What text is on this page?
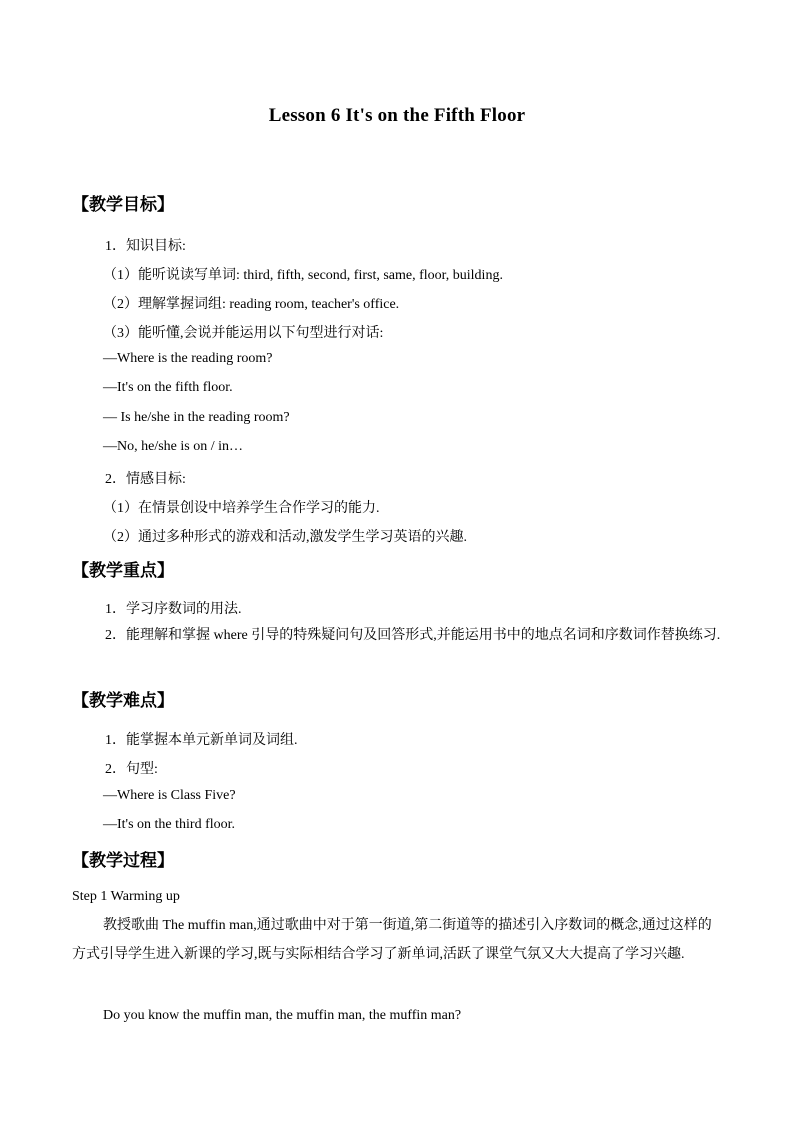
Lesson 6 It's on the Fifth Floor
【教学目标】
1．知识目标:
（1）能听说读写单词: third, fifth, second, first, same, floor, building.
（2）理解掌握词组: reading room, teacher's office.
（3）能听懂,会说并能运用以下句型进行对话:
—Where is the reading room?
—It's on the fifth floor.
— Is he/she in the reading room?
—No, he/she is on / in…
2．情感目标:
（1）在情景创设中培养学生合作学习的能力.
（2）通过多种形式的游戏和活动,激发学生学习英语的兴趣.
【教学重点】
1．学习序数词的用法.
2．能理解和掌握 where 引导的特殊疑问句及回答形式,并能运用书中的地点名词和序数词作替换练习.
【教学难点】
1．能掌握本单元新单词及词组.
2．句型:
—Where is Class Five?
—It's on the third floor.
【教学过程】
Step 1 Warming up
教授歌曲 The muffin man,通过歌曲中对于第一街道,第二街道等的描述引入序数词的概念,通过这样的方式引导学生进入新课的学习,既与实际相结合学习了新单词,活跃了课堂气氛又大大提高了学习兴趣.
Do you know the muffin man, the muffin man, the muffin man?
